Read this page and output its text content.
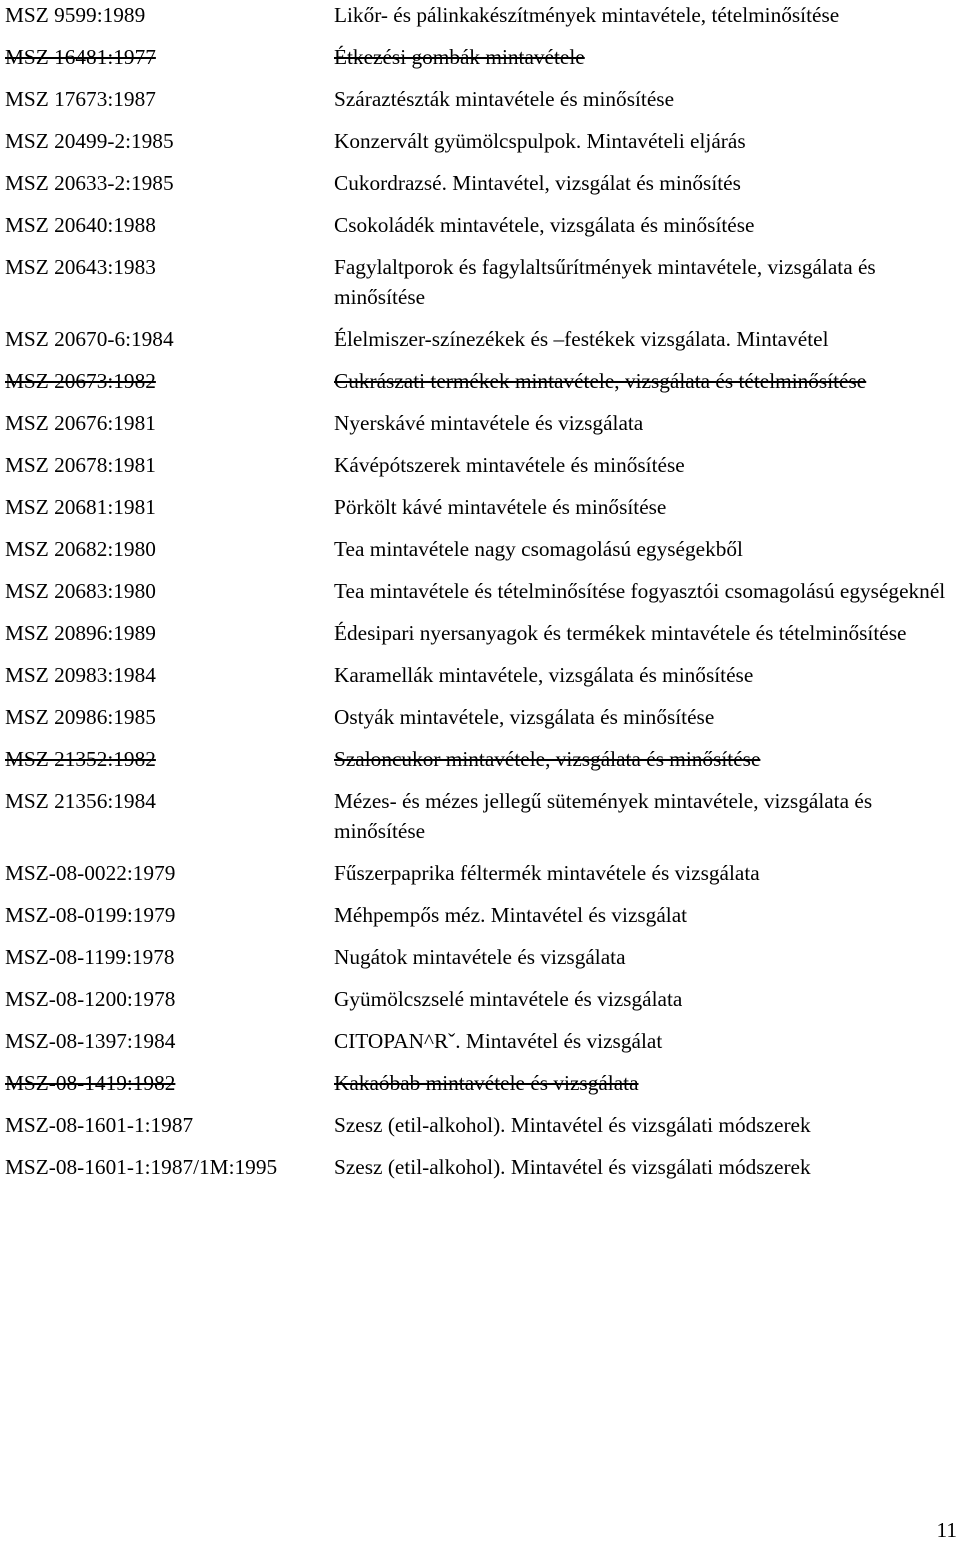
MSZ 9599:1989	Likőr- és pálinkakészítmények mintavétele, tételminősítése
MSZ 16481:1977	Étkezési gombák mintavétele
MSZ 17673:1987	Száraztészták mintavétele és minősítése
MSZ 20499-2:1985	Konzervált gyümölcspulpok. Mintavételi eljárás
MSZ 20633-2:1985	Cukordrazsé. Mintavétel, vizsgálat és minősítés
MSZ 20640:1988	Csokoládék mintavétele, vizsgálata és minősítése
MSZ 20643:1983	Fagylaltporok és fagylaltsűrítmények mintavétele, vizsgálata és minősítése
MSZ 20670-6:1984	Élelmiszer-színezékek és –festékek vizsgálata. Mintavétel
MSZ 20673:1982	Cukrászati termékek mintavétele, vizsgálata és tételminősítése
MSZ 20676:1981	Nyerskávé mintavétele és vizsgálata
MSZ 20678:1981	Kávépótszerek mintavétele és minősítése
MSZ 20681:1981	Pörkölt kávé mintavétele és minősítése
MSZ 20682:1980	Tea mintavétele nagy csomagolású egységekből
MSZ 20683:1980	Tea mintavétele és tételminősítése fogyasztói csomagolású egységeknél
MSZ 20896:1989	Édesipari nyersanyagok és termékek mintavétele és tételminősítése
MSZ 20983:1984	Karamellák mintavétele, vizsgálata és minősítése
MSZ 20986:1985	Ostyák mintavétele, vizsgálata és minősítése
MSZ 21352:1982	Szaloncukor mintavétele, vizsgálata és minősítése
MSZ 21356:1984	Mézes- és mézes jellegű sütemények mintavétele, vizsgálata és minősítése
MSZ-08-0022:1979	Fűszerpaprika féltermék mintavétele és vizsgálata
MSZ-08-0199:1979	Méhpempős méz. Mintavétel és vizsgálat
MSZ-08-1199:1978	Nugátok mintavétele és vizsgálata
MSZ-08-1200:1978	Gyümölcszselé mintavétele és vizsgálata
MSZ-08-1397:1984	CITOPAN^Rˇ. Mintavétel és vizsgálat
MSZ-08-1419:1982	Kakaóbab mintavétele és vizsgálata
MSZ-08-1601-1:1987	Szesz (etil-alkohol). Mintavétel és vizsgálati módszerek
MSZ-08-1601-1:1987/1M:1995	Szesz (etil-alkohol). Mintavétel és vizsgálati módszerek
11
